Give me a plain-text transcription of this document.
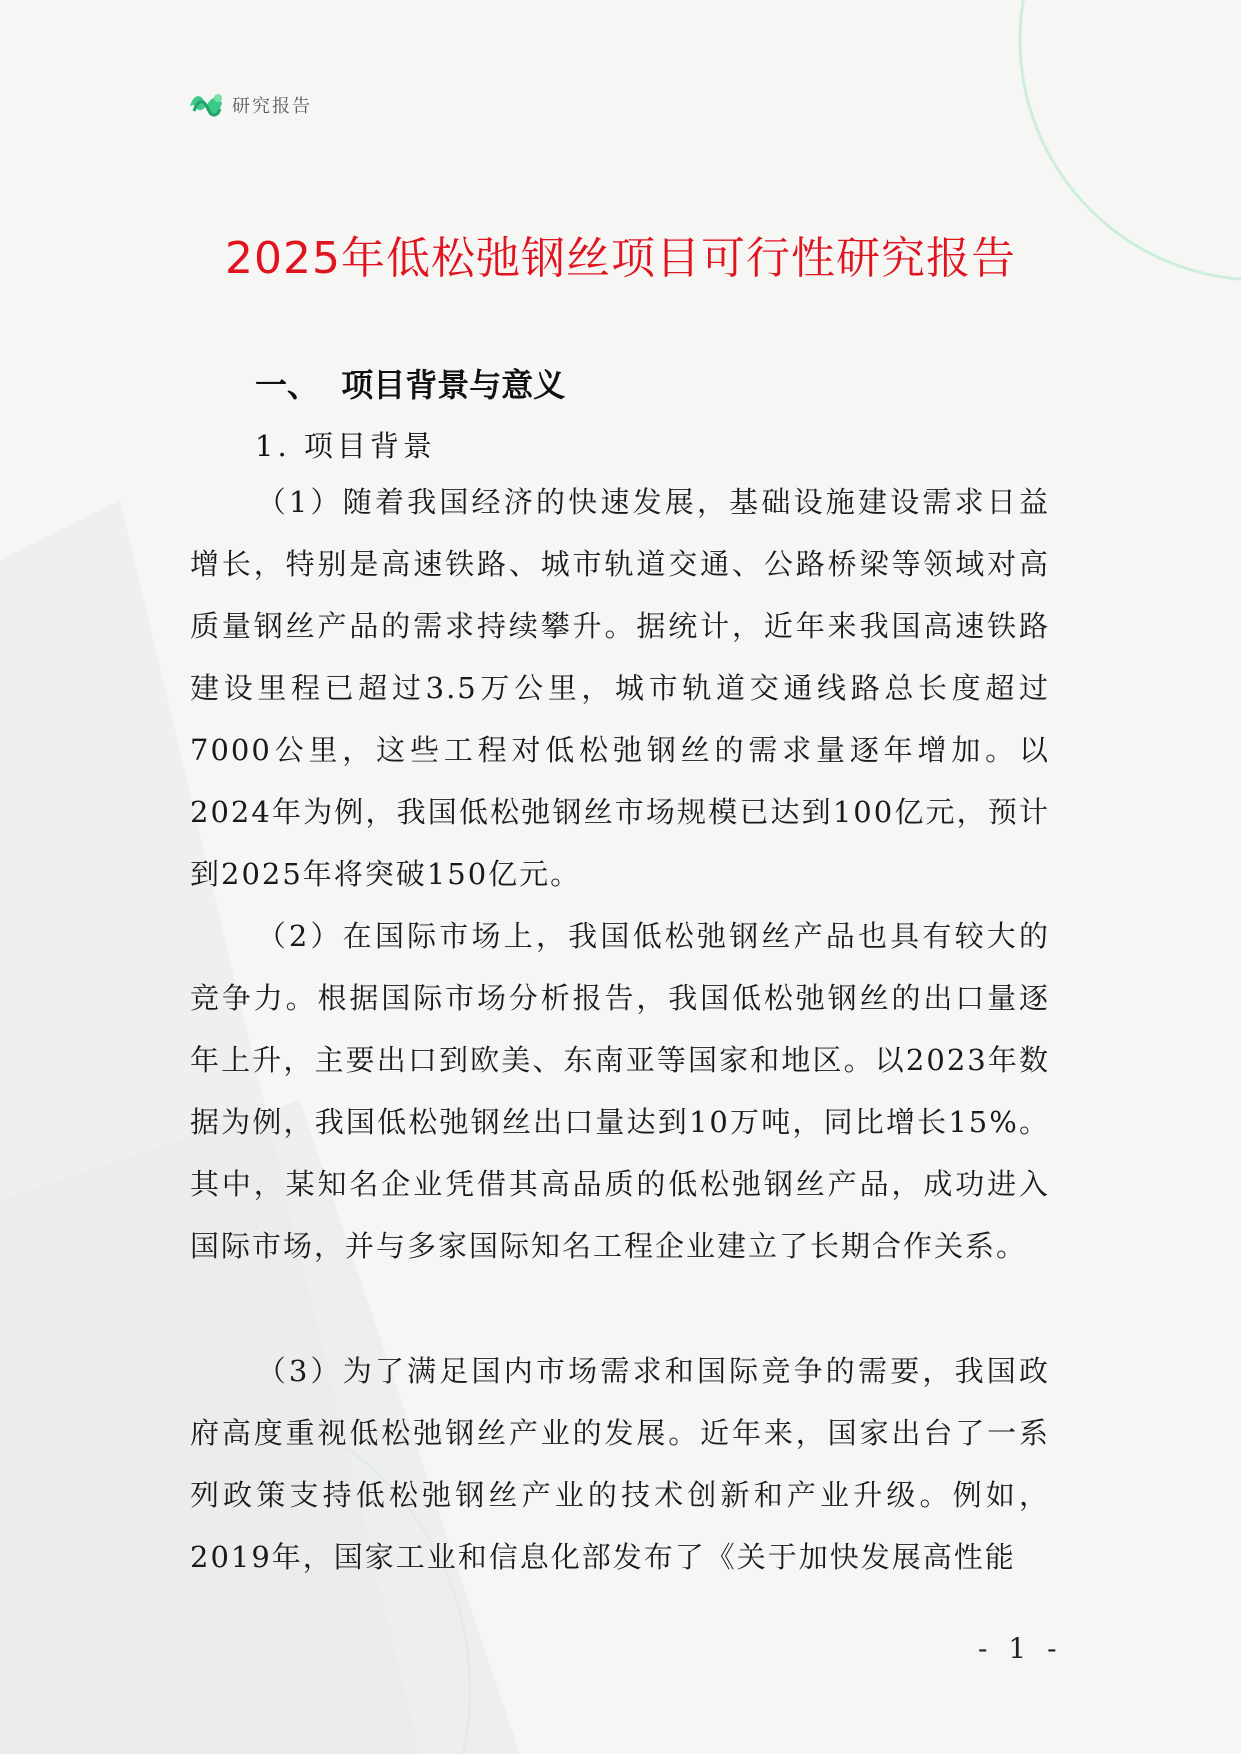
研究报告
2025年低松弛钢丝项目可行性研究报告
一、  项目背景与意义
1. 项目背景
（1）随着我国经济的快速发展，基础设施建设需求日益增长，特别是高速铁路、城市轨道交通、公路桥梁等领域对高质量钢丝产品的需求持续攀升。据统计，近年来我国高速铁路建设里程已超过3.5万公里，城市轨道交通线路总长度超过7000公里，这些工程对低松弛钢丝的需求量逐年增加。以2024年为例，我国低松弛钢丝市场规模已达到100亿元，预计到2025年将突破150亿元。
（2）在国际市场上，我国低松弛钢丝产品也具有较大的竞争力。根据国际市场分析报告，我国低松弛钢丝的出口量逐年上升，主要出口到欧美、东南亚等国家和地区。以2023年数据为例，我国低松弛钢丝出口量达到10万吨，同比增长15%。其中，某知名企业凭借其高品质的低松弛钢丝产品，成功进入国际市场，并与多家国际知名工程企业建立了长期合作关系。
（3）为了满足国内市场需求和国际竞争的需要，我国政府高度重视低松弛钢丝产业的发展。近年来，国家出台了一系列政策支持低松弛钢丝产业的技术创新和产业升级。例如，2019年，国家工业和信息化部发布了《关于加快发展高性能
- 1 -
